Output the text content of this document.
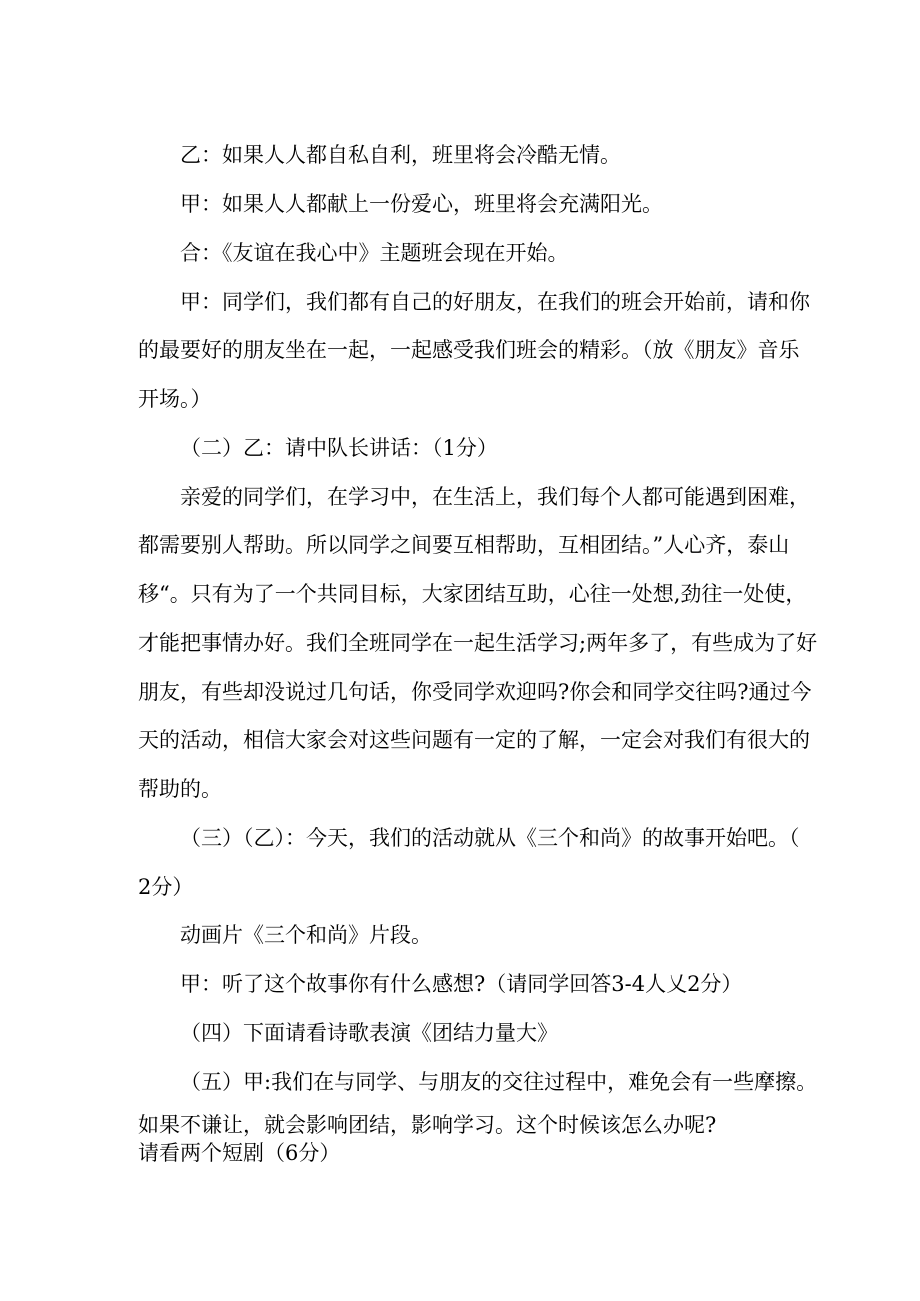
乙：如果人人都自私自利，班里将会冷酷无情。
甲：如果人人都献上一份爱心，班里将会充满阳光。
合：《友谊在我心中》主题班会现在开始。
甲：同学们，我们都有自己的好朋友，在我们的班会开始前，请和你
的最要好的朋友坐在一起，一起感受我们班会的精彩。（放《朋友》音乐
开场。）
（二）乙：请中队长讲话：（1分）
亲爱的同学们，在学习中，在生活上，我们每个人都可能遇到困难，
都需要别人帮助。所以同学之间要互相帮助，互相团结。”人心齐，泰山
移“。只有为了一个共同目标，大家团结互助，心往一处想,劲往一处使，
才能把事情办好。我们全班同学在一起生活学习;两年多了，有些成为了好
朋友，有些却没说过几句话，你受同学欢迎吗?你会和同学交往吗?通过今
天的活动，相信大家会对这些问题有一定的了解，一定会对我们有很大的
帮助的。
（三）（乙）：今天，我们的活动就从《三个和尚》的故事开始吧。（
2分）
动画片《三个和尚》片段。
甲：听了这个故事你有什么感想?（请同学回答3-4人乂2分）
（四）下面请看诗歌表演《团结力量大》
（五）甲:我们在与同学、与朋友的交往过程中，难免会有一些摩擦。
如果不谦让，就会影响团结，影响学习。这个时候该怎么办呢?
请看两个短剧（6分）
